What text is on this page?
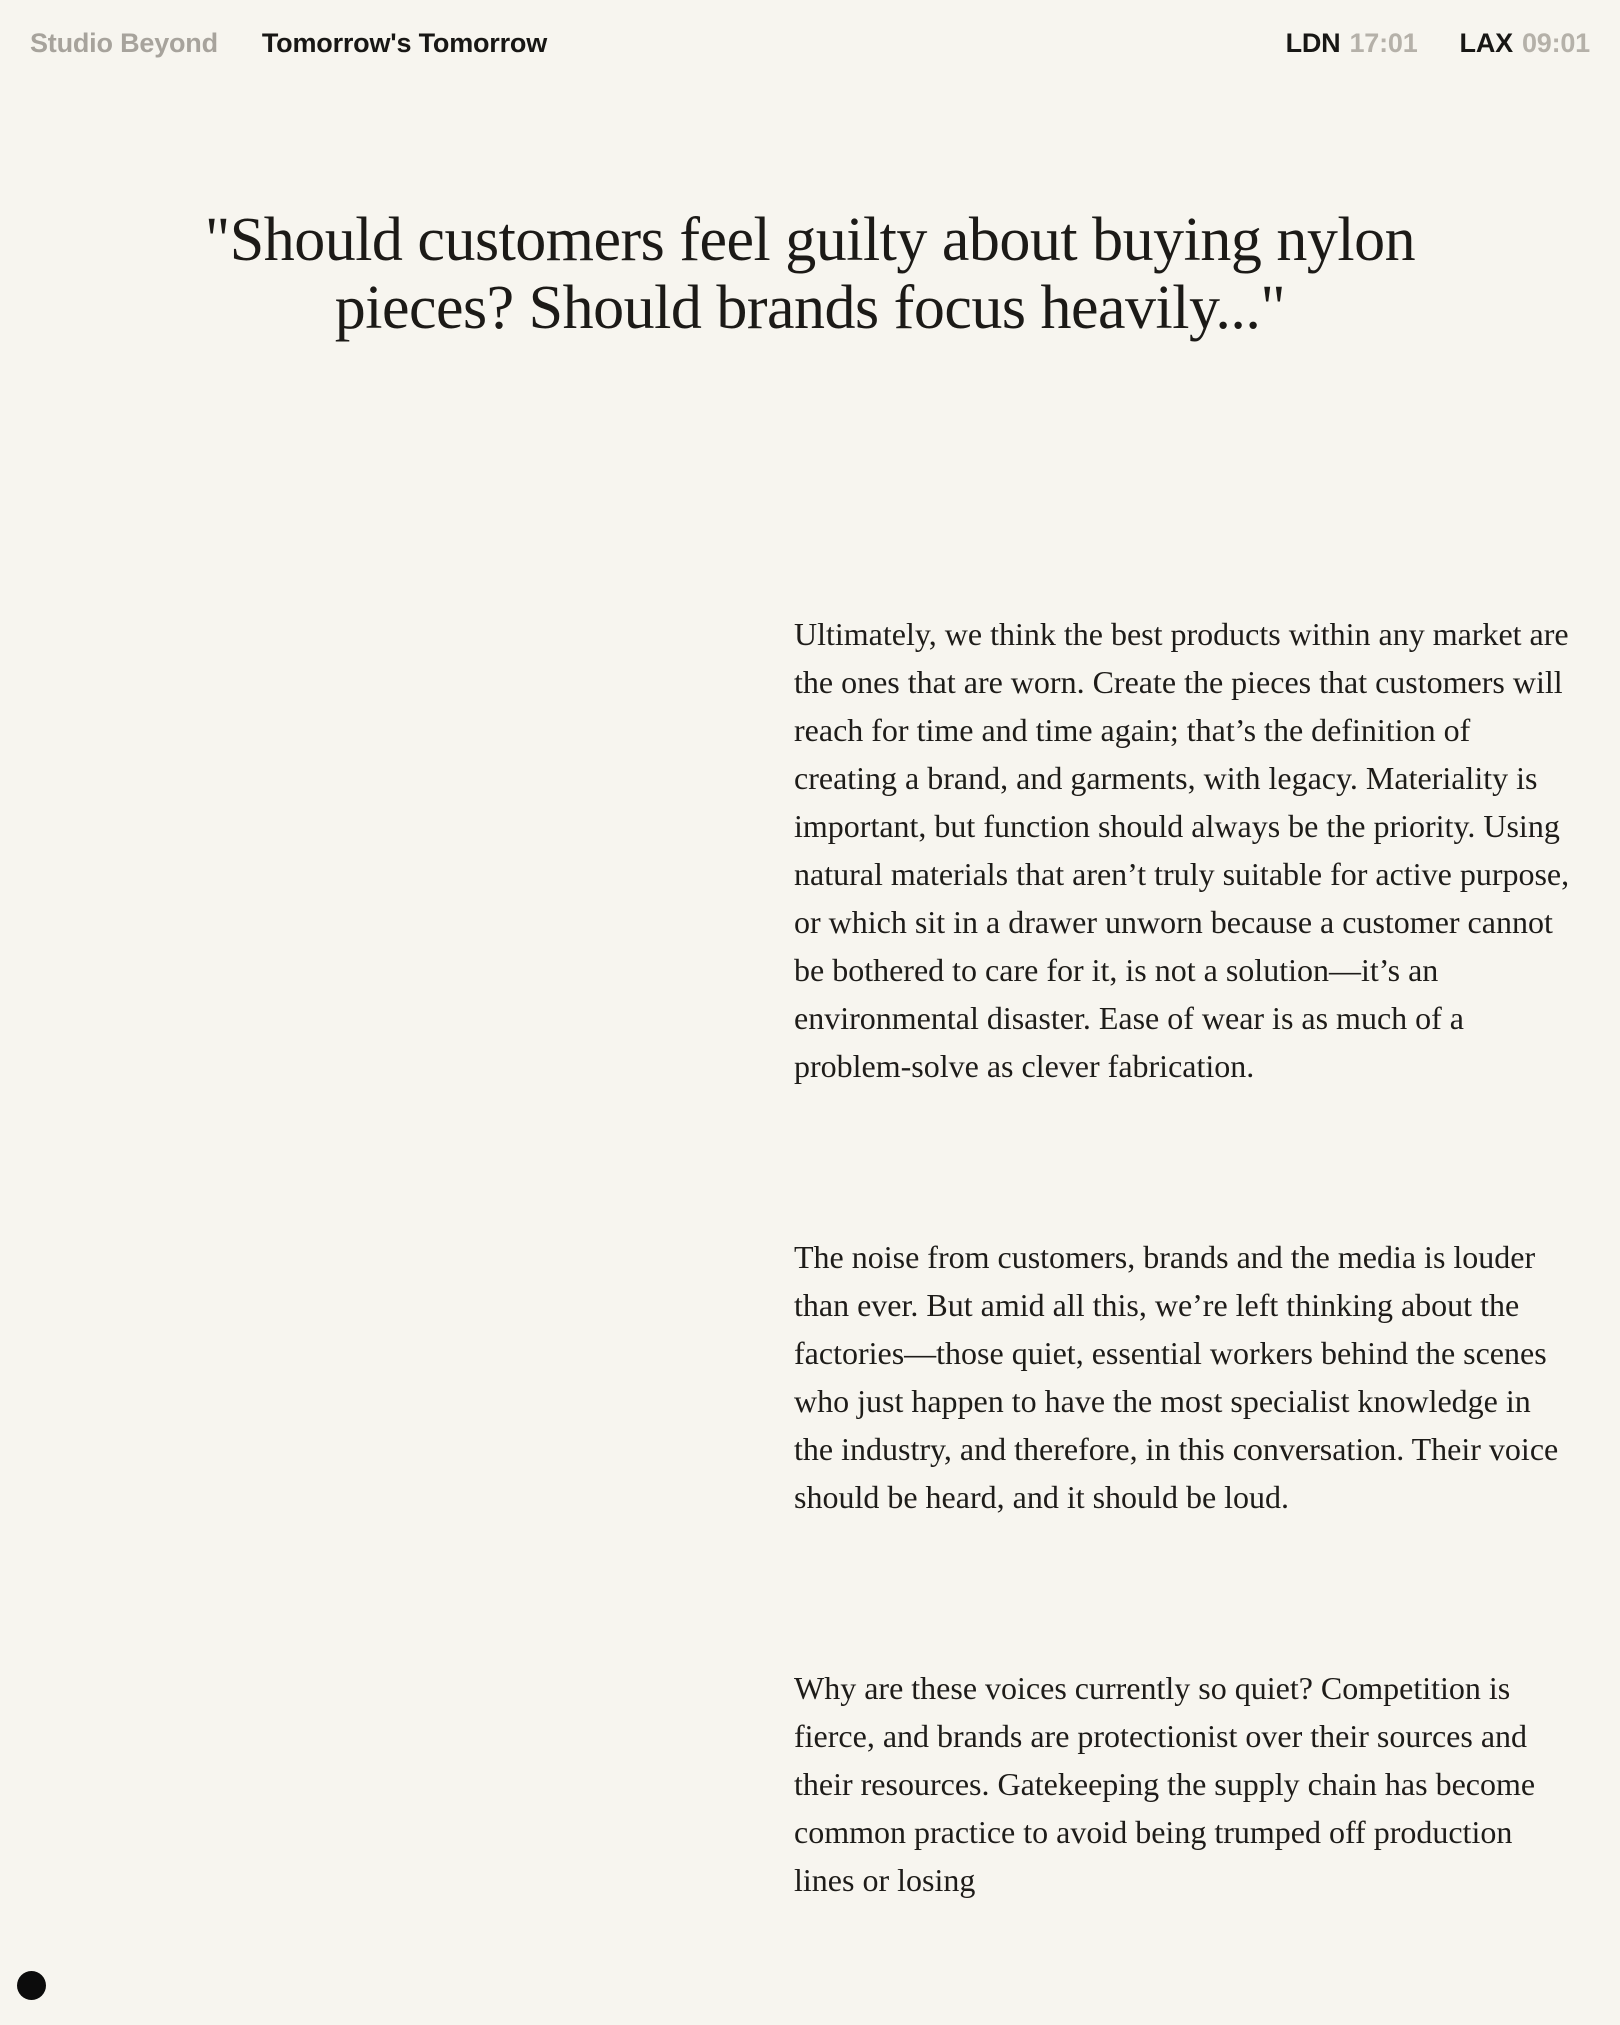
Studio Beyond Tomorrow's Tomorrow	LDN 17:01 LAX 09:01
"Should customers feel guilty about buying nylon
pieces? Should brands focus heavily..."

Ultimately, we think the best products within any market are the ones that are worn. Create the pieces that customers will reach for time and time again; that’s the definition of creating a brand, and garments, with legacy. Materiality is important, but function should always be the priority. Using natural materials that aren’t truly suitable for active purpose, or which sit in a drawer unworn because a customer cannot be bothered to care for it, is not a solution—it’s an environmental disaster. Ease of wear is as much of a problem-solve as clever fabrication.

The noise from customers, brands and the media is louder than ever. But amid all this, we’re left thinking about the factories—those quiet, essential workers behind the scenes who just happen to have the most specialist knowledge in the industry, and therefore, in this conversation. Their voice should be heard, and it should be loud.

Why are these voices currently so quiet? Competition is fierce, and brands are protectionist over their sources and their resources. Gatekeeping the supply chain has become common practice to avoid being trumped off production lines or losing
